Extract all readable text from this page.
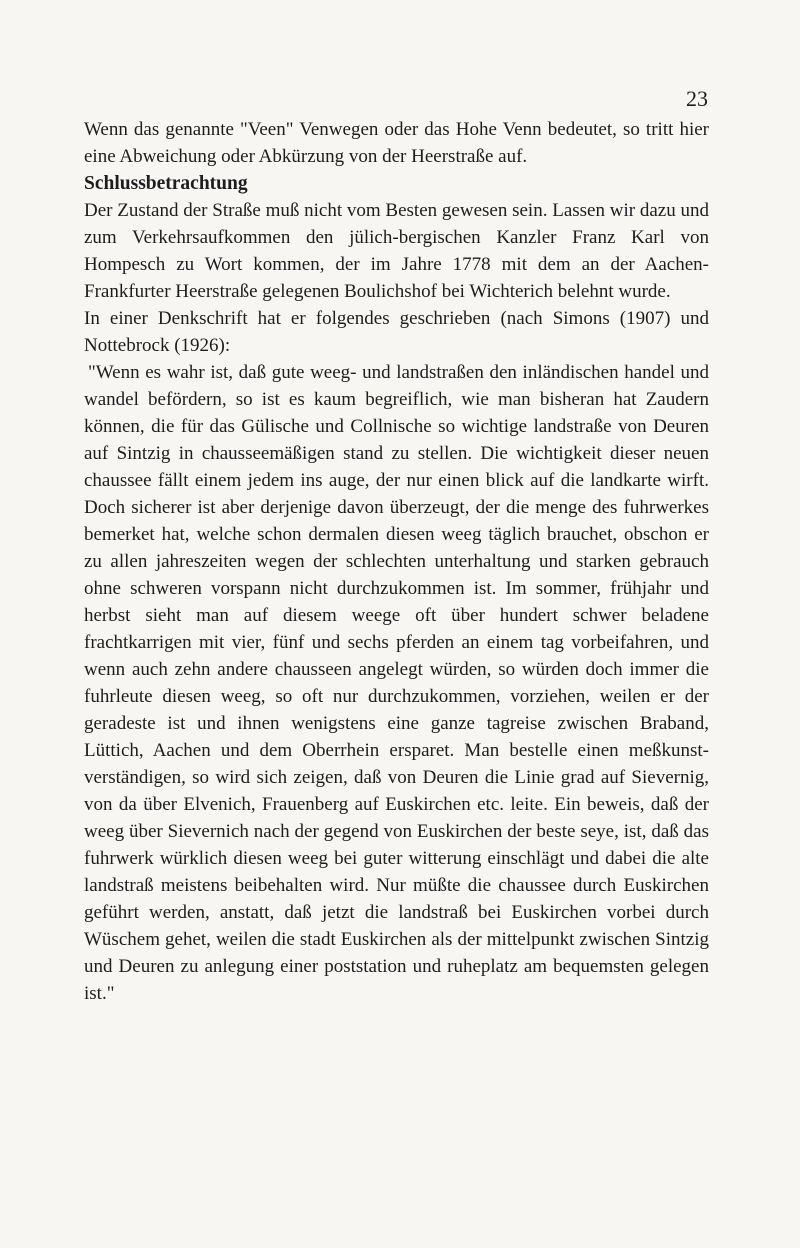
23

Wenn das genannte "Veen" Venwegen oder das Hohe Venn bedeutet, so tritt hier eine Abweichung oder Abkürzung von der Heerstraße auf.

Schlussbetrachtung

Der Zustand der Straße muß nicht vom Besten gewesen sein. Lassen wir dazu und zum Verkehrsaufkommen den jülich-bergischen Kanzler Franz Karl von Hompesch zu Wort kommen, der im Jahre 1778 mit dem an der Aachen-Frankfurter Heerstraße gelegenen Boulichshof bei Wichterich belehnt wurde.

In einer Denkschrift hat er folgendes geschrieben (nach Simons (1907) und Nottebrock (1926):

"Wenn es wahr ist, daß gute weeg- und landstraßen den inländischen handel und wandel befördern, so ist es kaum begreiflich, wie man bisheran hat Zaudern können, die für das Gülische und Collnische so wichtige landstraße von Deuren auf Sintzig in chausseemäßigen stand zu stellen. Die wichtigkeit dieser neuen chaussee fällt einem jedem ins auge, der nur einen blick auf die landkarte wirft. Doch sicherer ist aber derjenige davon überzeugt, der die menge des fuhrwerkes bemerket hat, welche schon dermalen diesen weeg täglich brauchet, obschon er zu allen jahreszeiten wegen der schlechten unterhaltung und starken gebrauch ohne schweren vorspann nicht durchzukommen ist. Im sommer, frühjahr und herbst sieht man auf diesem weege oft über hundert schwer beladene frachtkarrigen mit vier, fünf und sechs pferden an einem tag vorbeifahren, und wenn auch zehn andere chausseen angelegt würden, so würden doch immer die fuhrleute diesen weeg, so oft nur durchzukommen, vorziehen, weilen er der geradeste ist und ihnen wenigstens eine ganze tagreise zwischen Braband, Lüttich, Aachen und dem Oberrhein ersparet. Man bestelle einen meßkunst-verständigen, so wird sich zeigen, daß von Deuren die Linie grad auf Sievernig, von da über Elvenich, Frauenberg auf Euskirchen etc. leite. Ein beweis, daß der weeg über Sievernich nach der gegend von Euskirchen der beste seye, ist, daß das fuhrwerk würklich diesen weeg bei guter witterung einschlägt und dabei die alte landstraß meistens beibehalten wird. Nur müßte die chaussee durch Euskirchen geführt werden, anstatt, daß jetzt die landstraß bei Euskirchen vorbei durch Wüschem gehet, weilen die stadt Euskirchen als der mittelpunkt zwischen Sintzig und Deuren zu anlegung einer poststation und ruheplatz am bequemsten gelegen ist."
